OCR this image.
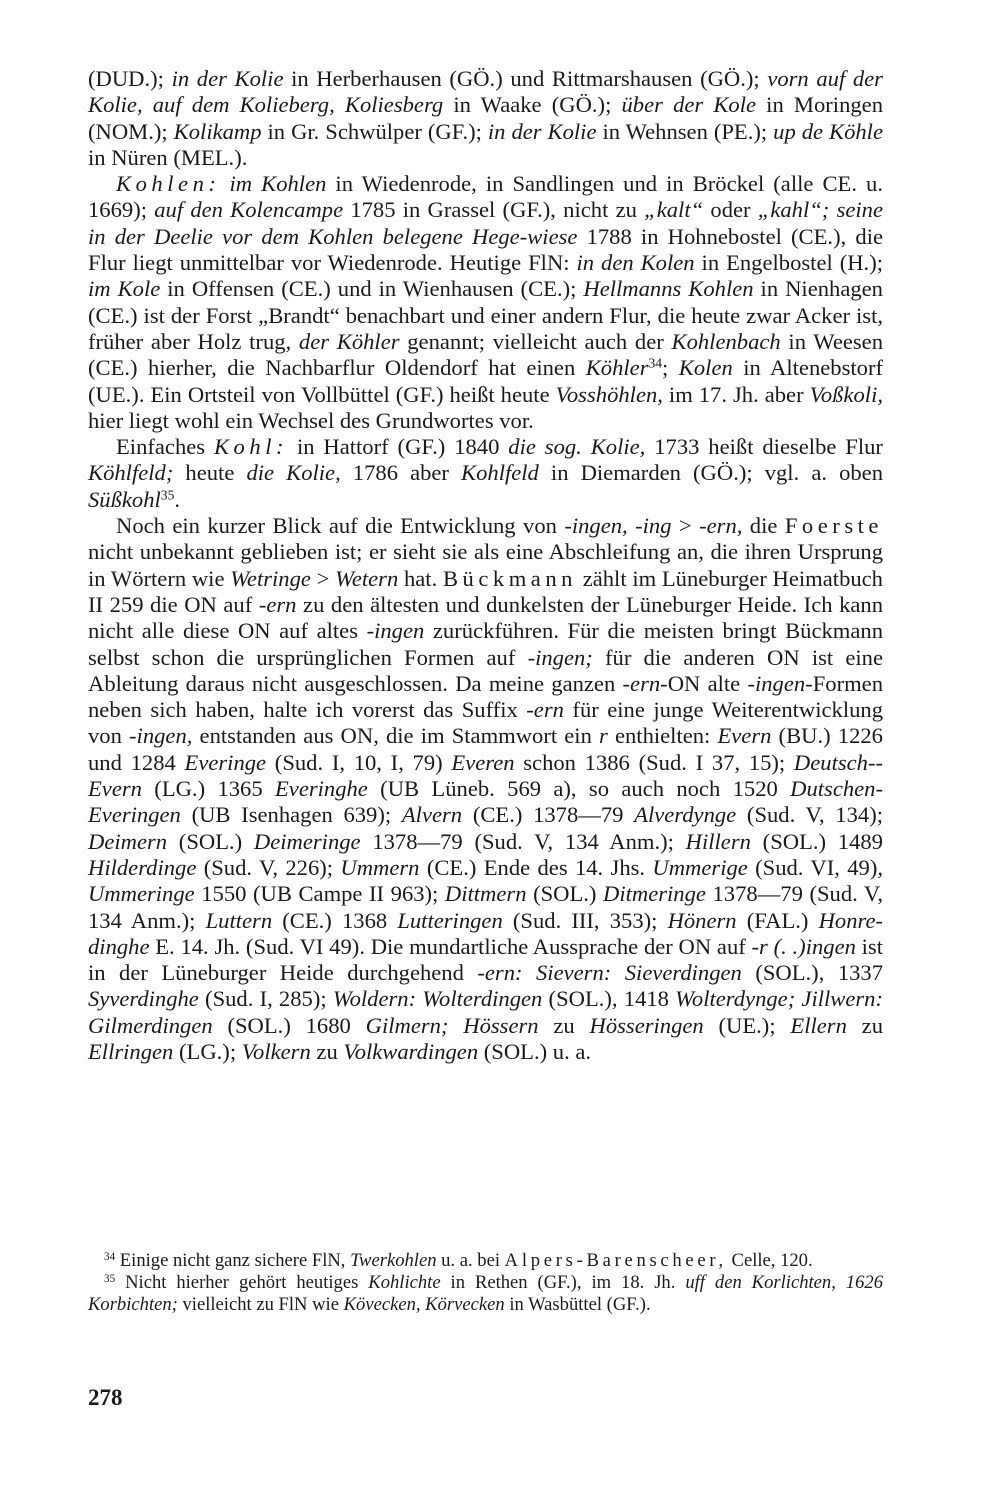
(DUD.); in der Kolie in Herberhausen (GÖ.) und Rittmarshausen (GÖ.); vorn auf der Kolie, auf dem Kolieberg, Koliesberg in Waake (GÖ.); über der Kole in Moringen (NOM.); Kolikamp in Gr. Schwülper (GF.); in der Kolie in Wehnsen (PE.); up de Köhle in Nüren (MEL.).

Kohlen: im Kohlen in Wiedenrode, in Sandlingen und in Bröckel (alle CE. u. 1669); auf den Kolencampe 1785 in Grassel (GF.), nicht zu „kalt“ oder „kahl“; seine in der Deelie vor dem Kohlen belegene Hege-wiese 1788 in Hohnebostel (CE.), die Flur liegt unmittelbar vor Wiedenrode. Heutige FlN: in den Kolen in Engelbostel (H.); im Kole in Offensen (CE.) und in Wienhausen (CE.); Hellmanns Kohlen in Nienhagen (CE.) ist der Forst „Brandt“ benachbart und einer andern Flur, die heute zwar Acker ist, früher aber Holz trug, der Köhler genannt; vielleicht auch der Kohlenbach in Weesen (CE.) hierher, die Nachbarflur Oldendorf hat einen Köhler$^{34}$; Kolen in Altenebstorf (UE.). Ein Ortsteil von Vollbüttel (GF.) heißt heute Vosshöhlen, im 17. Jh. aber Voßkoli, hier liegt wohl ein Wechsel des Grundwortes vor.

Einfaches Kohl: in Hattorf (GF.) 1840 die sog. Kolie, 1733 heißt dieselbe Flur Köhlfeld; heute die Kolie, 1786 aber Kohlfeld in Diemarden (GÖ.); vgl. a. oben Süßkohl$^{35}$.

Noch ein kurzer Blick auf die Entwicklung von -ingen, -ing > -ern, die Foerste nicht unbekannt geblieben ist; er sieht sie als eine Abschleifung an, die ihren Ursprung in Wörtern wie Wetringe > Wetern hat. Bückmann zählt im Lüneburger Heimatbuch II 259 die ON auf -ern zu den ältesten und dunkelsten der Lüneburger Heide. Ich kann nicht alle diese ON auf altes -ingen zurückführen. Für die meisten bringt Bückmann selbst schon die ursprünglichen Formen auf -ingen; für die anderen ON ist eine Ableitung daraus nicht ausgeschlossen. Da meine ganzen -ern-ON alte -ingen-Formen neben sich haben, halte ich vorerst das Suffix -ern für eine junge Weiterentwicklung von -ingen, entstanden aus ON, die im Stammwort ein r enthielten: Evern (BU.) 1226 und 1284 Everinge (Sud. I, 10, I, 79) Everen schon 1386 (Sud. I 37, 15); Deutsch-Evern (LG.) 1365 Everinghe (UB Lüneb. 569 a), so auch noch 1520 Dutschen-Everingen (UB Isenhagen 639); Alvern (CE.) 1378—79 Alverdynge (Sud. V, 134); Deimern (SOL.) Deimeringe 1378—79 (Sud. V, 134 Anm.); Hillern (SOL.) 1489 Hilderdinge (Sud. V, 226); Ummern (CE.) Ende des 14. Jhs. Ummerige (Sud. VI, 49), Ummeringe 1550 (UB Campe II 963); Dittmern (SOL.) Ditmeringe 1378—79 (Sud. V, 134 Anm.); Luttern (CE.) 1368 Lutteringen (Sud. III, 353); Hönern (FAL.) Honredinghe E. 14. Jh. (Sud. VI 49). Die mundartliche Aussprache der ON auf -r (. .)ingen ist in der Lüneburger Heide durchgehend -ern: Sievern: Sieverdingen (SOL.), 1337 Syverdinghe (Sud. I, 285); Woldern: Wolterdingen (SOL.), 1418 Wolterdynge; Jillwern: Gilmerdingen (SOL.) 1680 Gilmern; Hössern zu Hösseringen (UE.); Ellern zu Ellringen (LG.); Volkern zu Volkwardingen (SOL.) u. a.

$^{34}$ Einige nicht ganz sichere FlN, Twerkohlen u. a. bei Alpers-Barenscheer, Celle, 120.

$^{35}$ Nicht hierher gehört heutiges Kohlichte in Rethen (GF.), im 18. Jh. uff den Korlichten, 1626 Korbichten; vielleicht zu FlN wie Kövecken, Körvecken in Wasbüttel (GF.).

278
